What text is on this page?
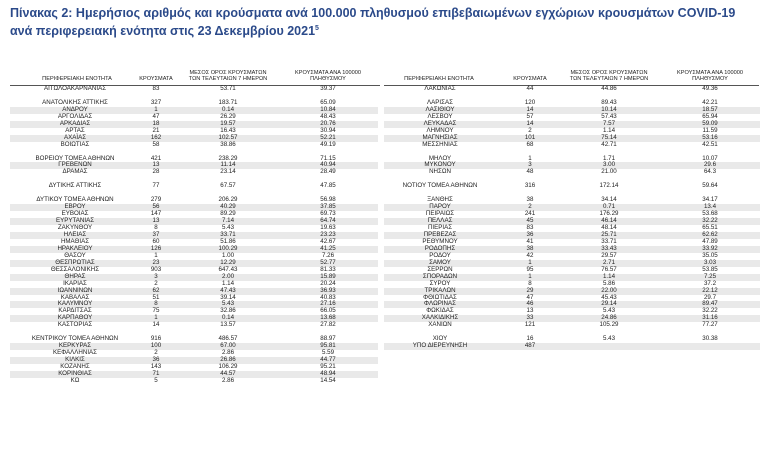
Πίνακας 2: Ημερήσιος αριθμός και κρούσματα ανά 100.000 πληθυσμού επιβεβαιωμένων εγχώριων κρουσμάτων COVID-19 ανά περιφερειακή ενότητα στις 23 Δεκεμβρίου 2021$^5$
ΠΕΡΙΦΕΡΕΙΑΚΗ ΕΝΟΤΗΤΑ	ΚΡΟΥΣΜΑΤΑ
ΜΕΣΟΣ ΟΡΟΣ ΚΡΟΥΣΜΑΤΩΝ
ΤΩΝ ΤΕΛΕΥΤΑΙΩΝ 7 ΗΜΕΡΩΝ
ΚΡΟΥΣΜΑΤΑ ΑΝΑ 100000
ΠΛΗΘΥΣΜΟΥ
ΑΙΤΩΛΟΑΚΑΡΝΑΝΙΑΣ	83	53.71	39.37
ΑΝΑΤΟΛΙΚΗΣ ΑΤΤΙΚΗΣ	327	183.71	65.09
ΑΝΔΡΟΥ	1	0.14	10.84
ΑΡΓΟΛΙΔΑΣ	47	26.29	48.43
ΑΡΚΑΔΙΑΣ	18	19.57	20.76
ΑΡΤΑΣ	21	16.43	30.94
ΑΧΑΪΑΣ	162	102.57	52.21
ΒΟΙΩΤΙΑΣ	58	38.86	49.19
ΒΟΡΕΙΟΥ ΤΟΜΕΑ ΑΘΗΝΩΝ	421	238.29	71.15
ΓΡΕΒΕΝΩΝ	13	11.14	40.94
ΔΡΑΜΑΣ	28	23.14	28.49
ΔΥΤΙΚΗΣ ΑΤΤΙΚΗΣ	77	67.57	47.85
ΔΥΤΙΚΟΥ ΤΟΜΕΑ ΑΘΗΝΩΝ	279	206.29	56.98
ΕΒΡΟΥ	56	40.29	37.85
ΕΥΒΟΙΑΣ	147	89.29	69.73
ΕΥΡΥΤΑΝΙΑΣ	13	7.14	64.74
ΖΑΚΥΝΘΟΥ	8	5.43	19.63
ΗΛΕΙΑΣ	37	33.71	23.23
ΗΜΑΘΙΑΣ	60	51.86	42.67
ΗΡΑΚΛΕΙΟΥ	126	100.29	41.25
ΘΑΣΟΥ	1	1.00	7.26
ΘΕΣΠΡΩΤΙΑΣ	23	12.29	52.77
ΘΕΣΣΑΛΟΝΙΚΗΣ	903	647.43	81.33
ΘΗΡΑΣ	3	2.00	15.89
ΙΚΑΡΙΑΣ	2	1.14	20.24
ΙΩΑΝΝΙΝΩΝ	62	47.43	36.93
ΚΑΒΑΛΑΣ	51	39.14	40.83
ΚΑΛΥΜΝΟΥ	8	5.43	27.16
ΚΑΡΔΙΤΣΑΣ	75	32.86	66.05
ΚΑΡΠΑΘΟΥ	1	0.14	13.68
ΚΑΣΤΟΡΙΑΣ	14	13.57	27.82
ΚΕΝΤΡΙΚΟΥ ΤΟΜΕΑ ΑΘΗΝΩΝ	916	486.57	88.97
ΚΕΡΚΥΡΑΣ	100	67.00	95.81
ΚΕΦΑΛΛΗΝΙΑΣ	2	2.86	5.59
ΚΙΛΚΙΣ	36	26.86	44.77
ΚΟΖΑΝΗΣ	143	106.29	95.21
ΚΟΡΙΝΘΙΑΣ	71	44.57	48.94
ΚΩ	5	2.86	14.54
ΠΕΡΙΦΕΡΕΙΑΚΗ ΕΝΟΤΗΤΑ	ΚΡΟΥΣΜΑΤΑ
ΜΕΣΟΣ ΟΡΟΣ ΚΡΟΥΣΜΑΤΩΝ
ΤΩΝ ΤΕΛΕΥΤΑΙΩΝ 7 ΗΜΕΡΩΝ
ΚΡΟΥΣΜΑΤΑ ΑΝΑ 100000
ΠΛΗΘΥΣΜΟΥ
ΛΑΚΩΝΙΑΣ	44	44.86	49.36
ΛΑΡΙΣΑΣ	120	89.43	42.21
ΛΑΣΙΘΙΟΥ	14	10.14	18.57
ΛΕΣΒΟΥ	57	57.43	65.94
ΛΕΥΚΑΔΑΣ	14	7.57	59.09
ΛΗΜΝΟΥ	2	1.14	11.59
ΜΑΓΝΗΣΙΑΣ	101	75.14	53.16
ΜΕΣΣΗΝΙΑΣ	68	42.71	42.51
ΜΗΛΟΥ	1	1.71	10.07
ΜΥΚΟΝΟΥ	3	3.00	29.6
ΝΗΣΩΝ	48	21.00	64.3
ΝΟΤΙΟΥ ΤΟΜΕΑ ΑΘΗΝΩΝ	316	172.14	59.64
ΞΑΝΘΗΣ	38	34.14	34.17
ΠΑΡΟΥ	2	0.71	13.4
ΠΕΙΡΑΙΩΣ	241	176.29	53.68
ΠΕΛΛΑΣ	45	46.14	32.22
ΠΙΕΡΙΑΣ	83	48.14	65.51
ΠΡΕΒΕΖΑΣ	36	25.71	62.62
ΡΕΘΥΜΝΟΥ	41	33.71	47.89
ΡΟΔΟΠΗΣ	38	33.43	33.92
ΡΟΔΟΥ	42	29.57	35.05
ΣΑΜΟΥ	1	2.71	3.03
ΣΕΡΡΩΝ	95	76.57	53.85
ΣΠΟΡΑΔΩΝ	1	1.14	7.25
ΣΥΡΟΥ	8	5.86	37.2
ΤΡΙΚΑΛΩΝ	29	22.00	22.12
ΦΘΙΩΤΙΔΑΣ	47	45.43	29.7
ΦΛΩΡΙΝΑΣ	46	29.14	89.47
ΦΩΚΙΔΑΣ	13	5.43	32.22
ΧΑΛΚΙΔΙΚΗΣ	33	24.86	31.16
ΧΑΝΙΩΝ	121	105.29	77.27
ΧΙΟΥ	16	5.43	30.38
ΥΠΟ ΔΙΕΡΕΥΝΗΣΗ	487
